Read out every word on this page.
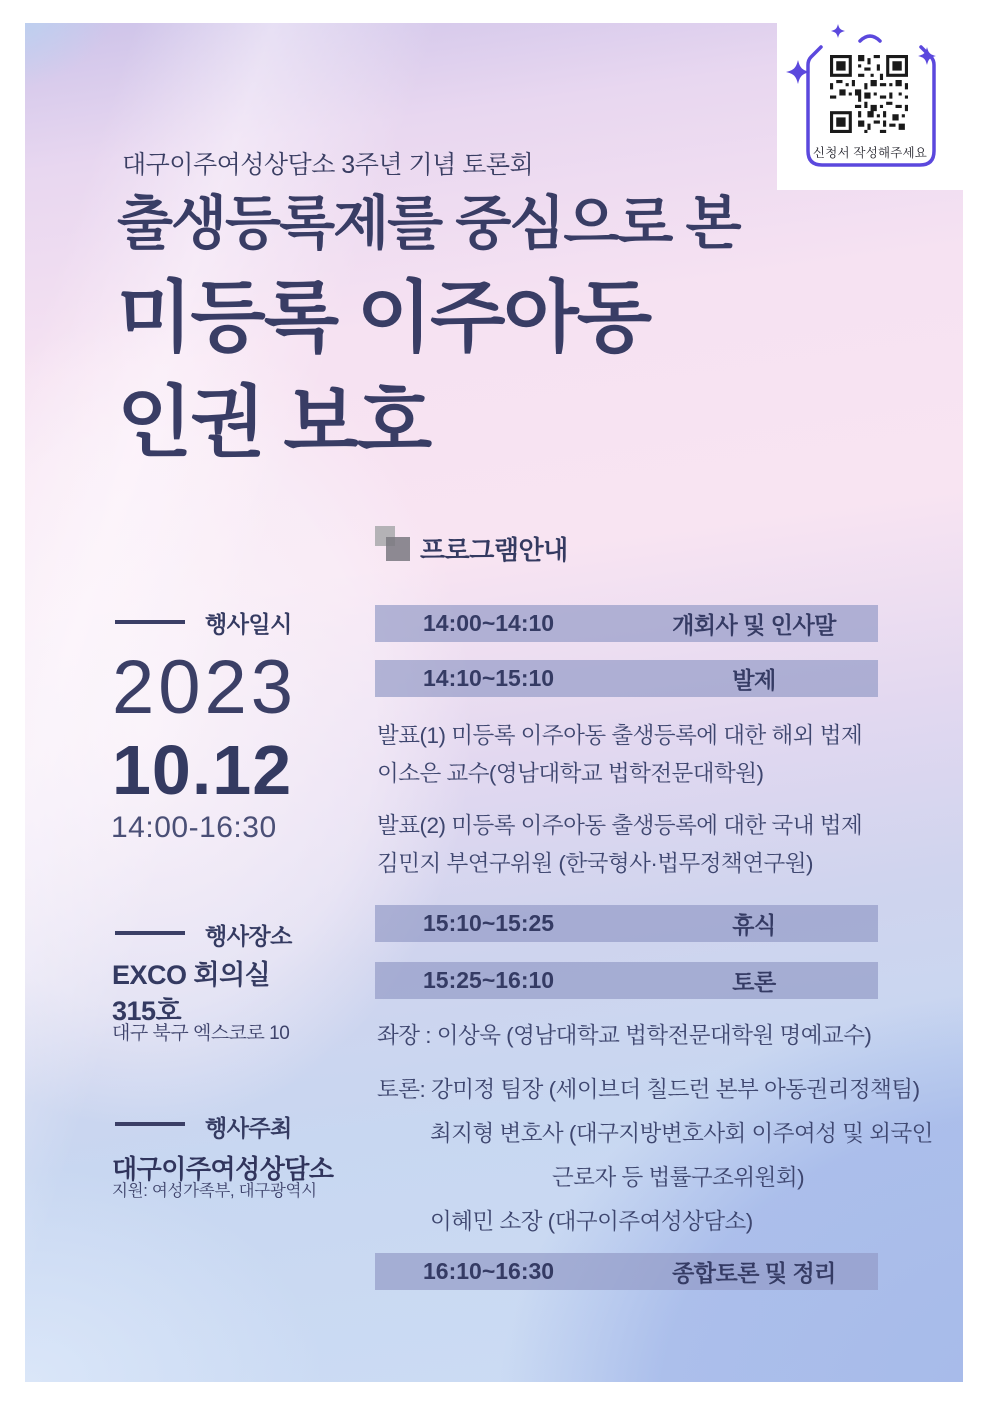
신청서 작성해주세요
대구이주여성상담소 3주년 기념 토론회
출생등록제를 중심으로 본
미등록 이주아동
인권 보호
프로그램안내
14:00~14:10	개회사 및 인사말
14:10~15:10	발제
15:10~15:25	휴식
15:25~16:10	토론
16:10~16:30	종합토론 및 정리
발표(1) 미등록 이주아동 출생등록에 대한 해외 법제
이소은 교수(영남대학교 법학전문대학원)
발표(2) 미등록 이주아동 출생등록에 대한 국내 법제
김민지 부연구위원 (한국형사·법무정책연구원)
좌장 : 이상욱 (영남대학교 법학전문대학원 명예교수)
토론: 강미정 팀장 (세이브더 칠드런 본부 아동권리정책팀)
최지형 변호사 (대구지방변호사회 이주여성 및 외국인
근로자 등 법률구조위원회)
이혜민 소장 (대구이주여성상담소)
행사일시
2023
10.12
14:00-16:30
행사장소
EXCO 회의실
315호
대구 북구 엑스코로 10
행사주최
대구이주여성상담소
지원: 여성가족부, 대구광역시
